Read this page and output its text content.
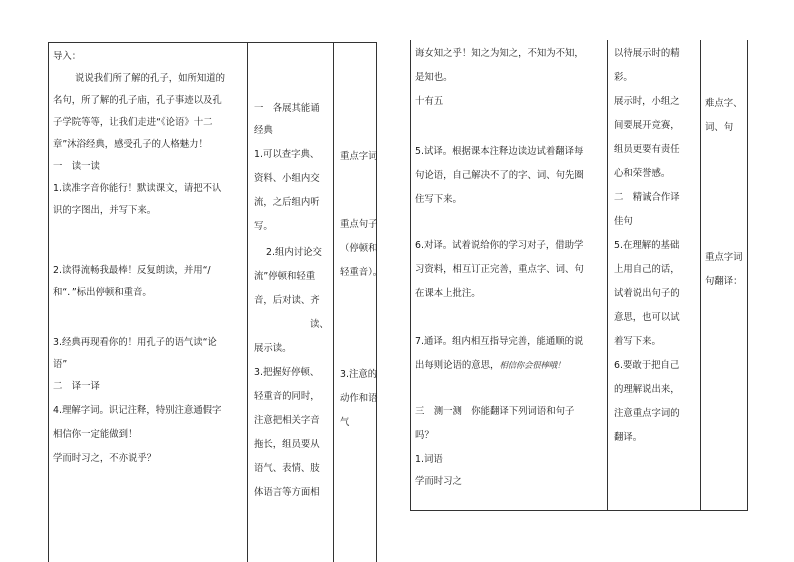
导入：
说说我们所了解的孔子，如所知道的
名句，所了解的孔子庙，孔子事迹以及孔
子学院等等，让我们走进“《论语》十二
章”沐浴经典，感受孔子的人格魅力！
一　读一读
1.读准字音你能行！默读课文，请把不认
识的字图出，并写下来。
2.读得流畅我最棒！反复朗读，并用“/
和“．”标出停顿和重音。
3.经典再现看你的！用孔子的语气读“论
语”
二　译一译
4.理解字词。识记注释，特别注意通假字
相信你一定能做到！
学而时习之，不亦说乎？
一　各展其能诵
经典
1.可以查字典、
资料、小组内交
流，之后组内听
写。
2.组内讨论交
流”停顿和轻重
音，后对读、齐
读、
展示读。
3.把握好停顿、
轻重音的同时，
注意把相关字音
拖长，组员要从
语气、表情、肢
体语言等方面相
重点字词
重点句子
（停顿和
轻重音）。
3.注意的
动作和语
气
诲女知之乎！知之为知之，不知为不知，
是知也。
十有五
5.试译。根据课本注释边读边试着翻译每
句论语，自己解决不了的字、词、句先圈
住写下来。
6.对译。试着说给你的学习对子，借助学
习资料，相互订正完善，重点字、词、句
在课本上批注。
7.通译。组内相互指导完善，能通顺的说
出每则论语的意思，相信你会很棒哦！
三　测一测　你能翻译下列词语和句子
吗？
1.词语
学而时习之
以待展示时的精
彩。
展示时，小组之
间要展开竞赛，
组员更要有责任
心和荣誉感。
二　精诚合作译
佳句
5.在理解的基础
上用自己的话，
试着说出句子的
意思，也可以试
着写下来。
6.要敢于把自己
的理解说出来，
注意重点字词的
翻译。
难点字、
词、句
重点字词
句翻译：
